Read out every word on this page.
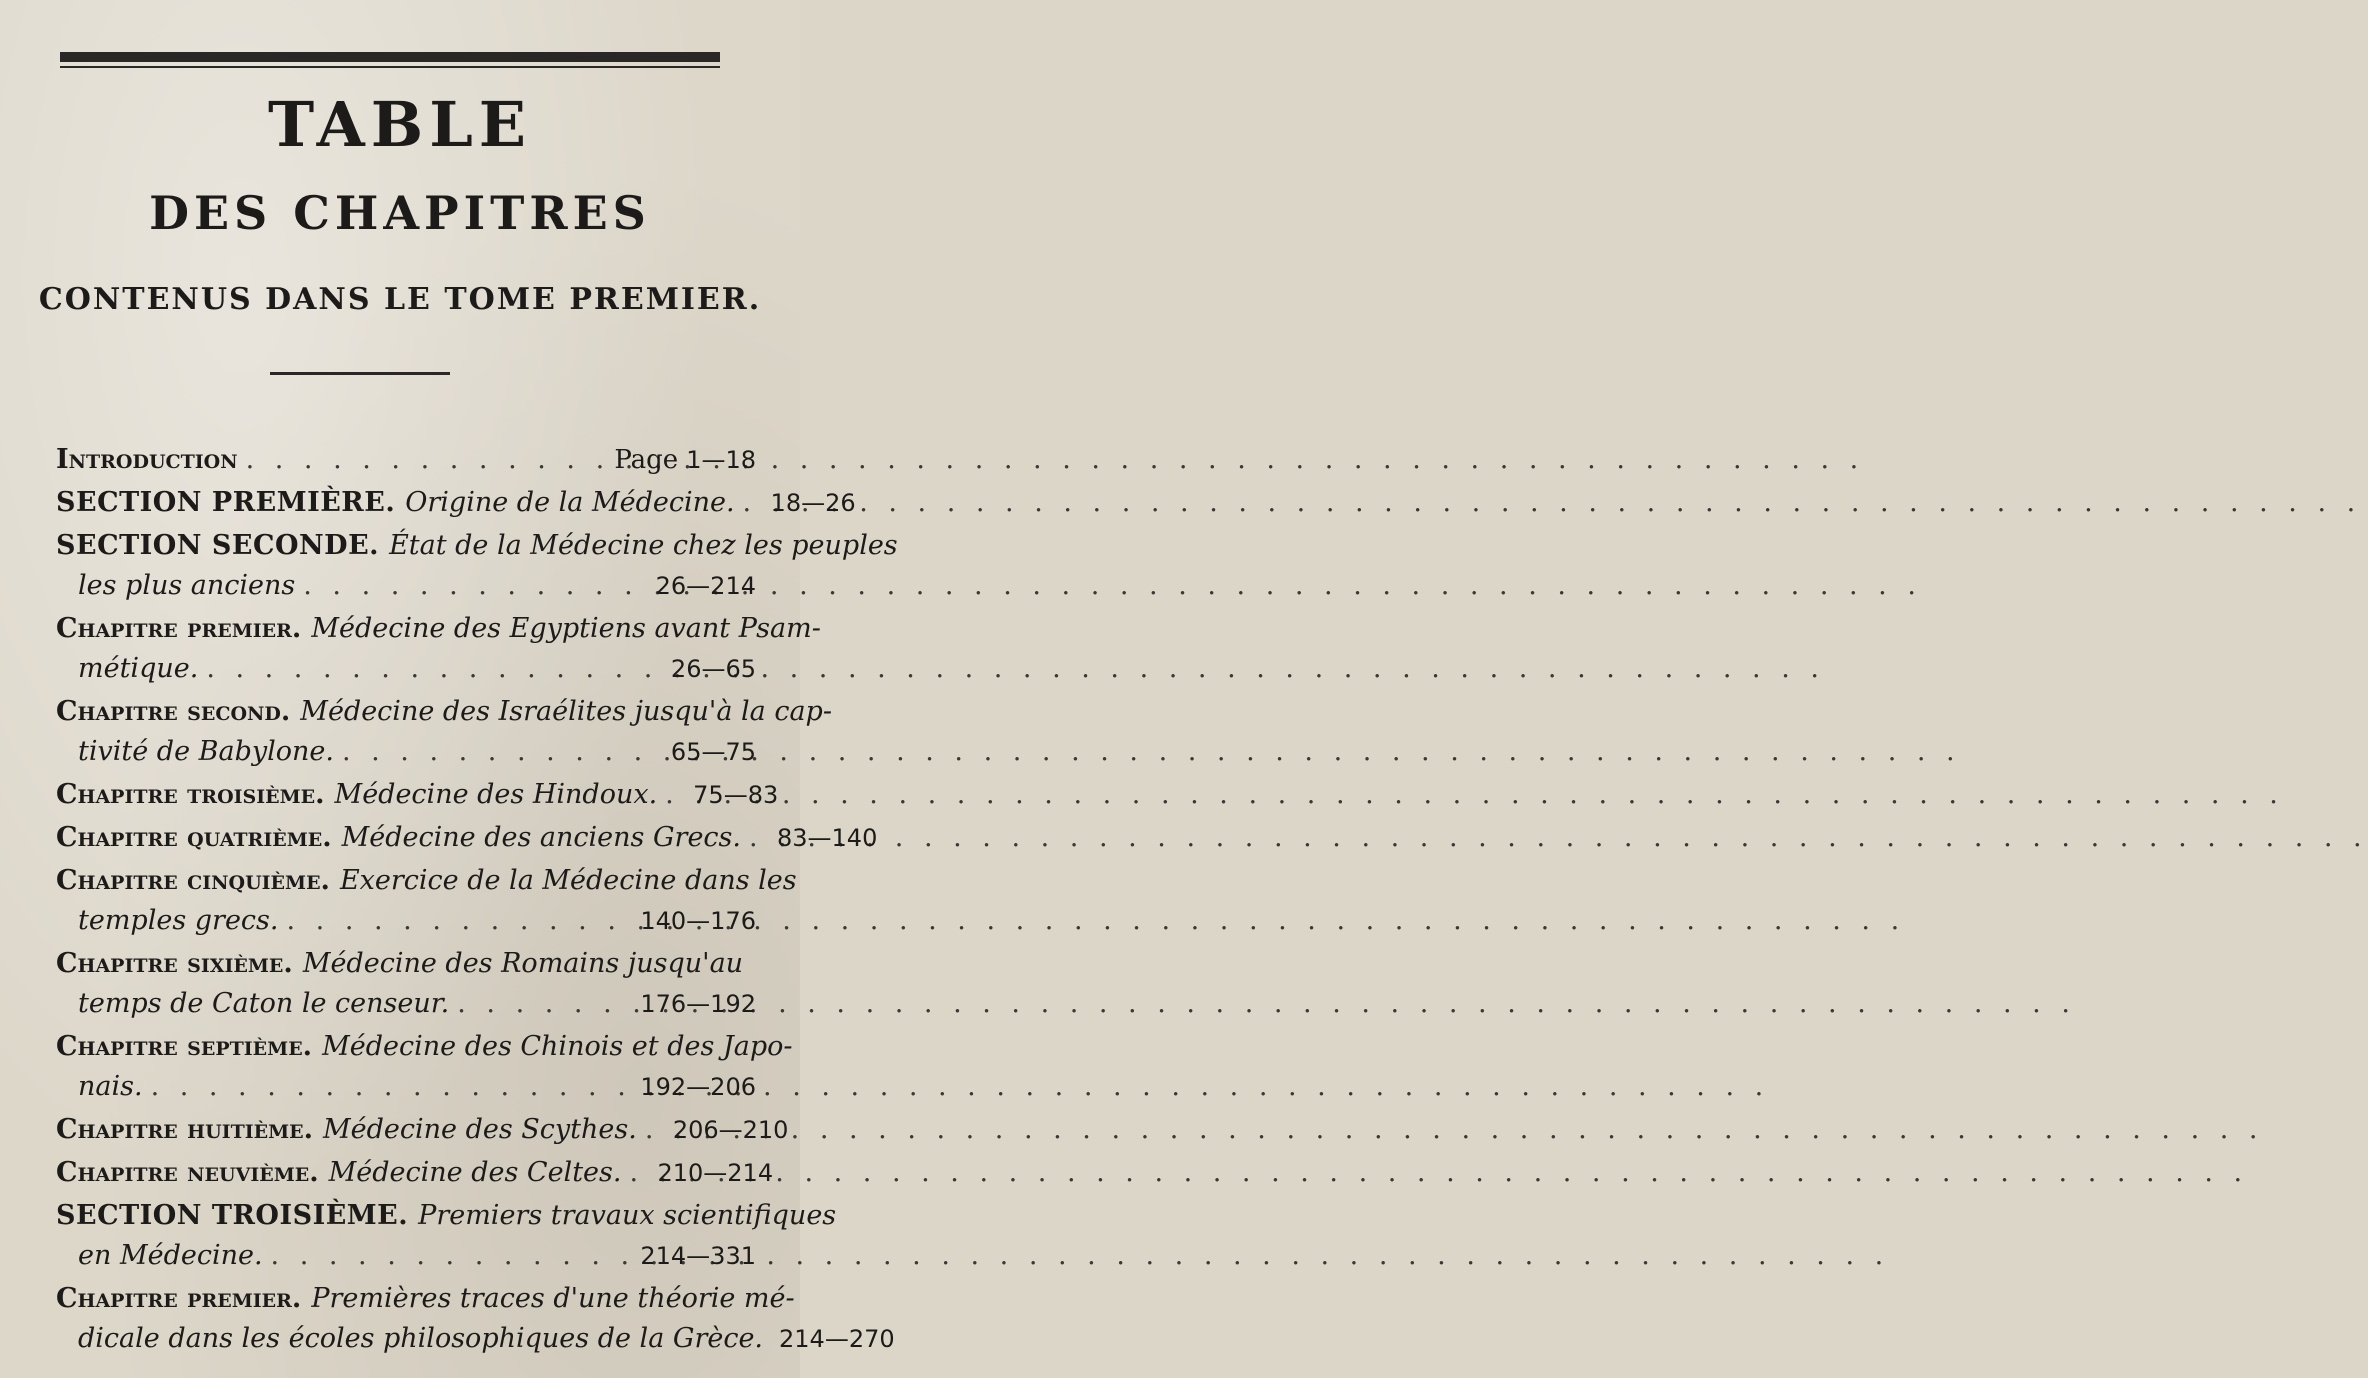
TABLE
DES CHAPITRES
CONTENUS DANS LE TOME PREMIER.
Introduction . . .	Page 1—18
SECTION PREMIÈRE. Origine de la Médecine. . . . 18—26
SECTION SECONDE. État de la Médecine chez les peuples
les plus anciens . . .	26—214
Chapitre premier. Médecine des Egyptiens avant Psam-
métique. . . .	26—65
Chapitre second. Médecine des Israélites jusqu'à la cap-
tivité de Babylone. . . .	65—75
Chapitre troisième. Médecine des Hindoux. . . . 75—83
Chapitre quatrième. Médecine des anciens Grecs. . . . 83—140
Chapitre cinquième. Exercice de la Médecine dans les
temples grecs. . . .	140—176
Chapitre sixième. Médecine des Romains jusqu'au
temps de Caton le censeur. . . .	176—192
Chapitre septième. Médecine des Chinois et des Japo-
nais. . . .	192—206
Chapitre huitième. Médecine des Scythes. . . . 206—210
Chapitre neuvième. Médecine des Celtes. . . . 210—214
SECTION TROISIÈME. Premiers travaux scientifiques
en Médecine. . . .	214—331
Chapitre premier. Premières traces d'une théorie mé-
dicale dans les écoles philosophiques de la Grèce. 214—270
